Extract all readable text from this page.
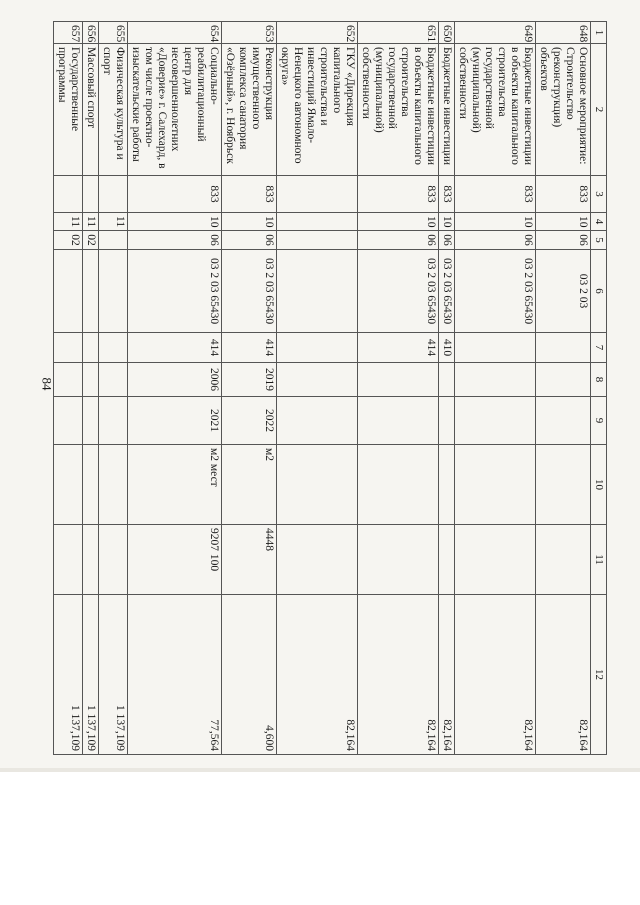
84
1	2	3	4	5	6	7	8	9	10	11	12
648	Основное мероприятие: Строительство (реконструкция) объектов	833	10	06	03 2 03						82,164
649	Бюджетные инвестиции в объекты капитального строительства государственной (муниципальной) собственности	833	10	06	03 2 03 65430						82,164
650	Бюджетные инвестиции	833	10	06	03 2 03 65430	410					82,164
651	Бюджетные инвестиции в объекты капитального строительства государственной (муниципальной) собственности	833	10	06	03 2 03 65430	414					82,164
652	ГКУ «Дирекция капитального строительства и инвестиций Ямало-Ненецкого автономного округа»										82,164
653	Реконструкция имущественного комплекса санатория «Озёрный», г. Ноябрьск	833	10	06	03 2 03 65430	414	2019	2022	м2	4448	4,600
654	Социально-реабилитационный центр для несовершеннолетних «Доверие» г. Салехард, в том числе проектно-изыскательские работы	833	10	06	03 2 03 65430	414	2006	2021	м2 мест	9207 100	77,564
655	Физическая культура и спорт		11								1 137,109
656	Массовый спорт		11	02							1 137,109
657	Государственные программы		11	02							1 137,109
